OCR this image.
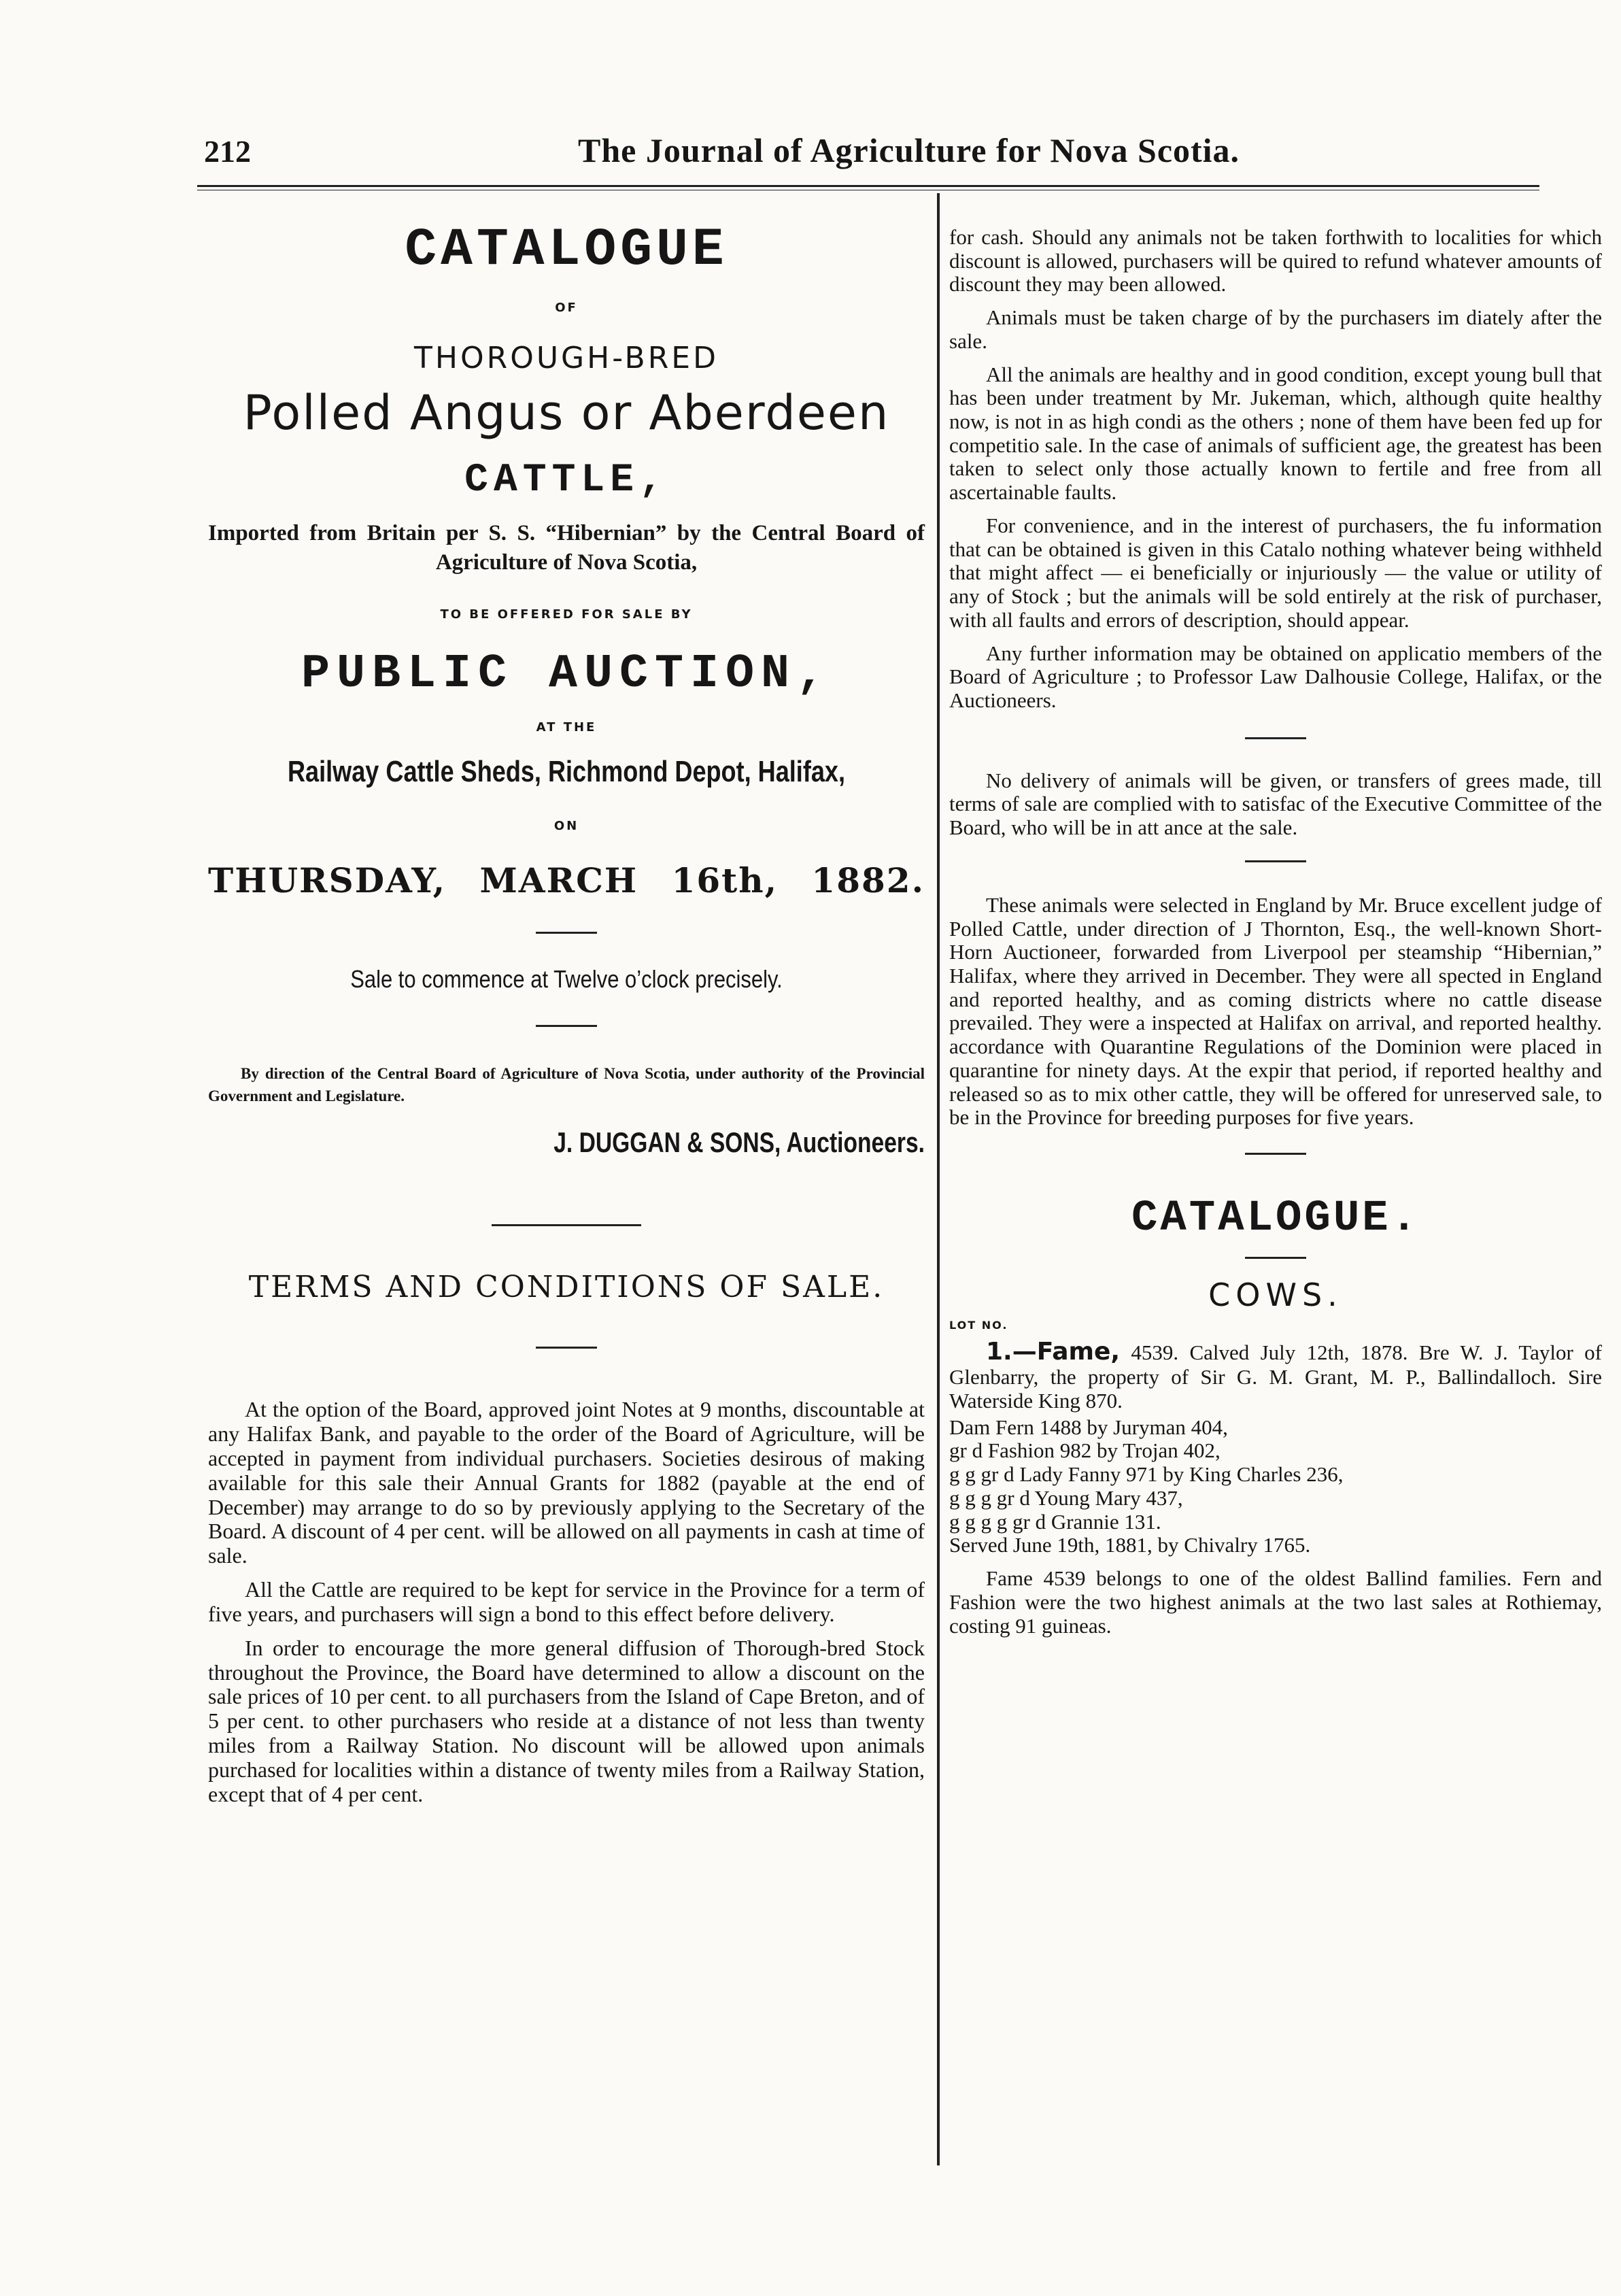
212	The Journal of Agriculture for Nova Scotia.
CATALOGUE
OF
THOROUGH-BRED
Polled Angus or Aberdeen
CATTLE,
Imported from Britain per S. S. “Hibernian” by the Central Board of Agriculture of Nova Scotia,
TO BE OFFERED FOR SALE BY
PUBLIC AUCTION,
AT THE
Railway Cattle Sheds, Richmond Depot, Halifax,
ON
THURSDAY, MARCH 16th, 1882.
Sale to commence at Twelve o’clock precisely.
By direction of the Central Board of Agriculture of Nova Scotia, under authority of the Provincial Government and Legislature.
J. DUGGAN & SONS, Auctioneers.
TERMS AND CONDITIONS OF SALE.

At the option of the Board, approved joint Notes at 9 months, discountable at any Halifax Bank, and payable to the order of the Board of Agriculture, will be accepted in payment from individual purchasers. Societies desirous of making available for this sale their Annual Grants for 1882 (payable at the end of December) may arrange to do so by previously applying to the Secretary of the Board. A discount of 4 per cent. will be allowed on all payments in cash at time of sale.

All the Cattle are required to be kept for service in the Province for a term of five years, and purchasers will sign a bond to this effect before delivery.

In order to encourage the more general diffusion of Thorough-bred Stock throughout the Province, the Board have determined to allow a discount on the sale prices of 10 per cent. to all purchasers from the Island of Cape Breton, and of 5 per cent. to other purchasers who reside at a distance of not less than twenty miles from a Railway Station. No discount will be allowed upon animals purchased for localities within a distance of twenty miles from a Railway Station, except that of 4 per cent.

for cash. Should any animals not be taken forthwith to localities for which discount is allowed, purchasers will be quired to refund whatever amounts of discount they may been allowed.

Animals must be taken charge of by the purchasers im diately after the sale.

All the animals are healthy and in good condition, except young bull that has been under treatment by Mr. Jukeman, which, although quite healthy now, is not in as high condi as the others ; none of them have been fed up for competitio sale. In the case of animals of sufficient age, the greatest has been taken to select only those actually known to fertile and free from all ascertainable faults.

For convenience, and in the interest of purchasers, the fu information that can be obtained is given in this Catalo nothing whatever being withheld that might affect — ei beneficially or injuriously — the value or utility of any of Stock ; but the animals will be sold entirely at the risk of purchaser, with all faults and errors of description, should appear.

Any further information may be obtained on applicatio members of the Board of Agriculture ; to Professor Law Dalhousie College, Halifax, or the Auctioneers.

No delivery of animals will be given, or transfers of grees made, till terms of sale are complied with to satisfac of the Executive Committee of the Board, who will be in att ance at the sale.

These animals were selected in England by Mr. Bruce excellent judge of Polled Cattle, under direction of J Thornton, Esq., the well-known Short-Horn Auctioneer, forwarded from Liverpool per steamship “Hibernian,” Halifax, where they arrived in December. They were all spected in England and reported healthy, and as coming districts where no cattle disease prevailed. They were a inspected at Halifax on arrival, and reported healthy. accordance with Quarantine Regulations of the Dominion were placed in quarantine for ninety days. At the expir that period, if reported healthy and released so as to mix other cattle, they will be offered for unreserved sale, to be in the Province for breeding purposes for five years.

CATALOGUE.
COWS.
LOT NO.

1.—Fame, 4539. Calved July 12th, 1878. Bre W. J. Taylor of Glenbarry, the property of Sir G. M. Grant, M. P., Ballindalloch. Sire Waterside King 870.

Dam Fern 1488 by Juryman 404,

gr d Fashion 982 by Trojan 402,

g g gr d Lady Fanny 971 by King Charles 236,

g g g gr d Young Mary 437,

g g g g gr d Grannie 131.

Served June 19th, 1881, by Chivalry 1765.

Fame 4539 belongs to one of the oldest Ballind families. Fern and Fashion were the two highest animals at the two last sales at Rothiemay, costing 91 guineas.
